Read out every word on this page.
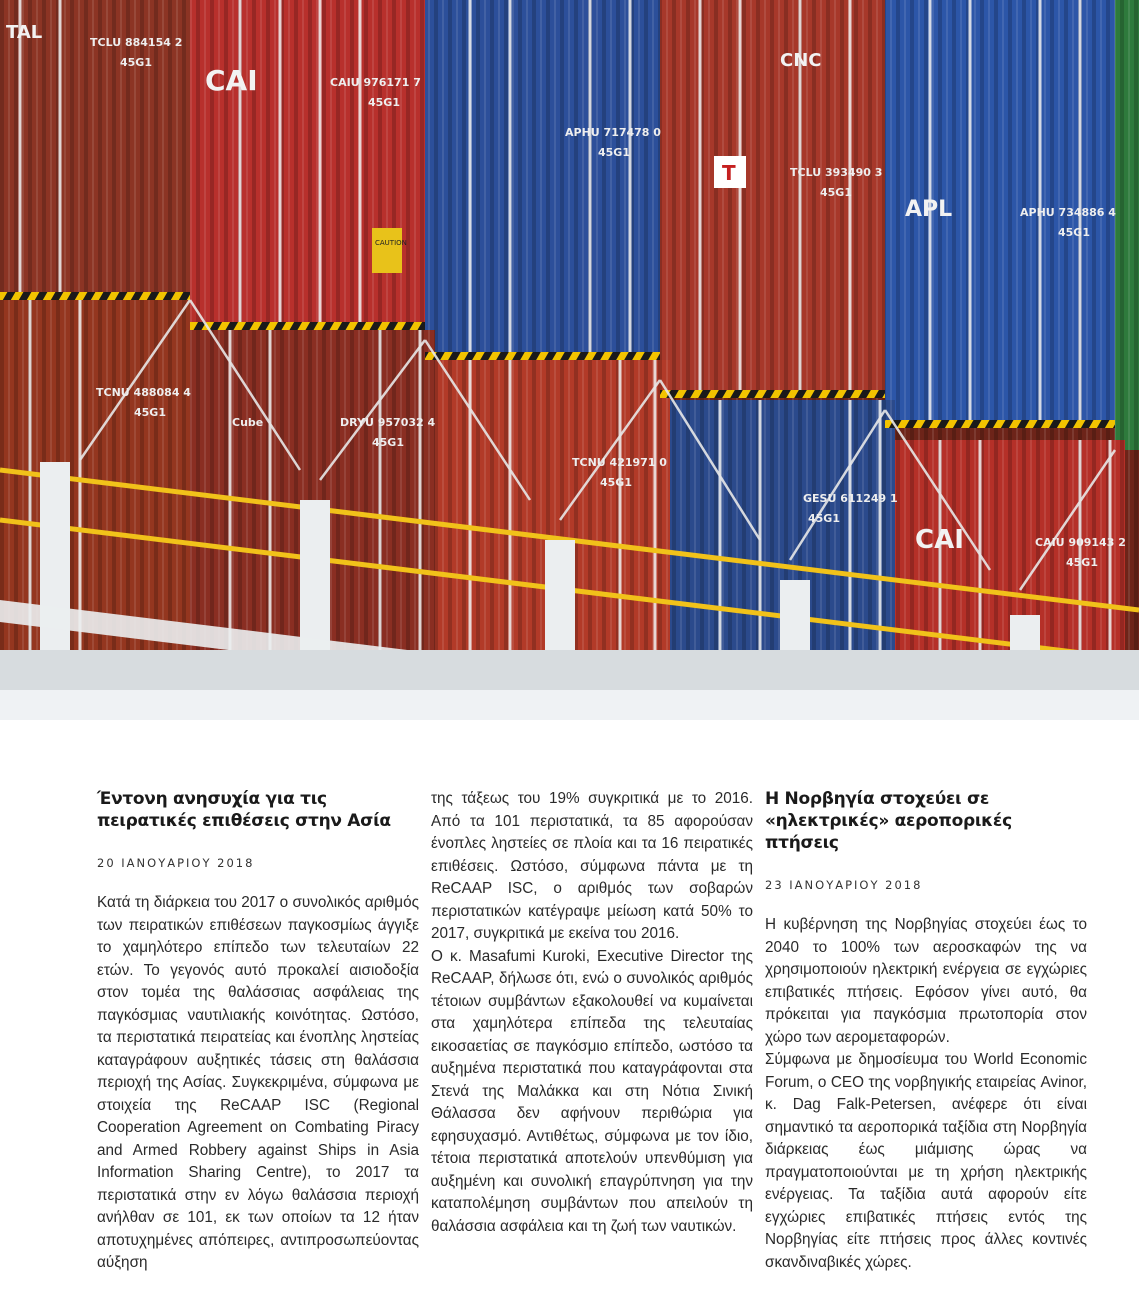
TAL	TCLU 884154 2
45G1
CAI	CAIU 976171 7
45G1
APHU 717478 0
45G1
CNC
TCLU 393490 3
45G1
APL	APHU 734886 4
45G1
TCNU 488084 4
45G1
Cube	DRYU 957032 4
45G1
TCNU 421971 0
45G1
GESU 611249 1
45G1
CAI	CAIU 909143 2
45G1
CAUTION
T
Έντονη ανησυχία για τις πειρατικές επιθέσεις στην Ασία
20 ΙΑΝΟΥΑΡΙΟΥ 2018

Κατά τη διάρκεια του 2017 ο συνολικός αριθμός των πειρατικών επιθέσεων παγκοσμίως άγγιξε το χαμηλότερο επίπεδο των τελευταίων 22 ετών. Το γεγονός αυτό προκαλεί αισιοδοξία στον τομέα της θαλάσσιας ασφάλειας της παγκόσμιας ναυτιλιακής κοινότητας. Ωστόσο, τα περιστατικά πειρατείας και ένοπλης ληστείας καταγράφουν αυξητικές τάσεις στη θαλάσσια περιοχή της Ασίας. Συγκεκριμένα, σύμφωνα με στοιχεία της ReCAAP ISC (Regional Cooperation Agreement on Combating Piracy and Armed Robbery against Ships in Asia Information Sharing Centre), το 2017 τα περιστατικά στην εν λόγω θαλάσσια περιοχή ανήλθαν σε 101, εκ των οποίων τα 12 ήταν αποτυχημένες απόπειρες, αντιπροσωπεύοντας αύξηση

της τάξεως του 19% συγκριτικά με το 2016. Από τα 101 περιστατικά, τα 85 αφορούσαν ένοπλες ληστείες σε πλοία και τα 16 πειρατικές επιθέσεις. Ωστόσο, σύμφωνα πάντα με τη ReCAAP ISC, ο αριθμός των σοβαρών περιστατικών κατέγραψε μείωση κατά 50% το 2017, συγκριτικά με εκείνα του 2016.

Ο κ. Masafumi Kuroki, Executive Director της ReCAAP, δήλωσε ότι, ενώ ο συνολικός αριθμός τέτοιων συμβάντων εξακολουθεί να κυμαίνεται στα χαμηλότερα επίπεδα της τελευταίας εικοσαετίας σε παγκόσμιο επίπεδο, ωστόσο τα αυξημένα περιστατικά που καταγράφονται στα Στενά της Μαλάκκα και στη Νότια Σινική Θάλασσα δεν αφήνουν περιθώρια για εφησυχασμό. Αντιθέτως, σύμφωνα με τον ίδιο, τέτοια περιστατικά αποτελούν υπενθύμιση για αυξημένη και συνολική επαγρύπνηση για την καταπολέμηση συμβάντων που απειλούν τη θαλάσσια ασφάλεια και τη ζωή των ναυτικών.

Η Νορβηγία στοχεύει σε «ηλεκτρικές» αεροπορικές πτήσεις
23 ΙΑΝΟΥΑΡΙΟΥ 2018

Η κυβέρνηση της Νορβηγίας στοχεύει έως το 2040 το 100% των αεροσκαφών της να χρησιμοποιούν ηλεκτρική ενέργεια σε εγχώριες επιβατικές πτήσεις. Εφόσον γίνει αυτό, θα πρόκειται για παγκόσμια πρωτοπορία στον χώρο των αερομεταφορών.

Σύμφωνα με δημοσίευμα του World Economic Forum, ο CEO της νορβηγικής εταιρείας Avinor, κ. Dag Falk-Petersen, ανέφερε ότι είναι σημαντικό τα αεροπορικά ταξίδια στη Νορβηγία διάρκειας έως μιάμισης ώρας να πραγματοποιούνται με τη χρήση ηλεκτρικής ενέργειας. Τα ταξίδια αυτά αφορούν είτε εγχώριες επιβατικές πτήσεις εντός της Νορβηγίας είτε πτήσεις προς άλλες κοντινές σκανδιναβικές χώρες.
